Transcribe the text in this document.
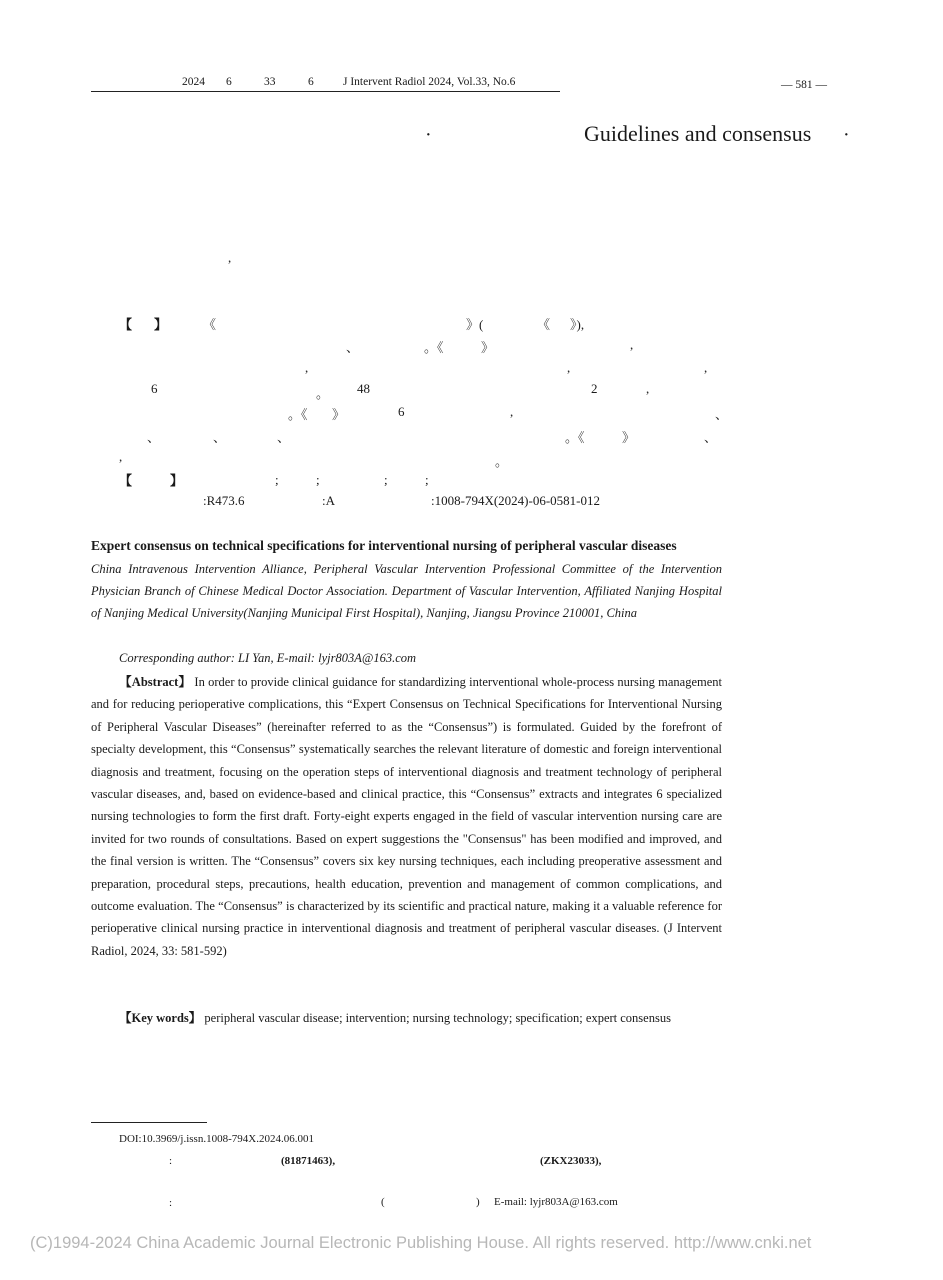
2024 6	33	6	J Intervent Radiol 2024, Vol.33, No.6	— 581 —
·	Guidelines and consensus ·
,
【 】	《	》(	《 》),
、	。《	》	,
,	,	,
6	。 48	2	,
。《 》	6	,	、
、	、	、	。《	》	、
,	。
【	】	;	;	;	;
:R473.6	:A	:1008-794X(2024)-06-0581-012
Expert consensus on technical specifications for interventional nursing of peripheral vascular diseases
China Intravenous Intervention Alliance, Peripheral Vascular Intervention Professional Committee of the Intervention Physician Branch of Chinese Medical Doctor Association. Department of Vascular Intervention, Affiliated Nanjing Hospital of Nanjing Medical University(Nanjing Municipal First Hospital), Nanjing, Jiangsu Province 210001, China
Corresponding author: LI Yan, E-mail: lyjr803A@163.com
【Abstract】 In order to provide clinical guidance for standardizing interventional whole-process nursing management and for reducing perioperative complications, this “Expert Consensus on Technical Specifications for Interventional Nursing of Peripheral Vascular Diseases” (hereinafter referred to as the “Consensus”) is formulated. Guided by the forefront of specialty development, this “Consensus” systematically searches the relevant literature of domestic and foreign interventional diagnosis and treatment, focusing on the operation steps of interventional diagnosis and treatment technology of peripheral vascular diseases, and, based on evidence-based and clinical practice, this “Consensus” extracts and integrates 6 specialized nursing technologies to form the first draft. Forty-eight experts engaged in the field of vascular intervention nursing care are invited for two rounds of consultations. Based on expert suggestions the "Consensus" has been modified and improved, and the final version is written. The “Consensus” covers six key nursing techniques, each including preoperative assessment and preparation, procedural steps, precautions, health education, prevention and management of common complications, and outcome evaluation. The “Consensus” is characterized by its scientific and practical nature, making it a valuable reference for perioperative clinical nursing practice in interventional diagnosis and treatment of peripheral vascular diseases. (J Intervent Radiol, 2024, 33: 581-592)
【Key words】 peripheral vascular disease; intervention; nursing technology; specification; expert consensus
DOI:10.3969/j.issn.1008-794X.2024.06.001
:	(81871463),	(ZKX23033),
:	(	) E-mail: lyjr803A@163.com
(C)1994-2024 China Academic Journal Electronic Publishing House. All rights reserved. http://www.cnki.net
